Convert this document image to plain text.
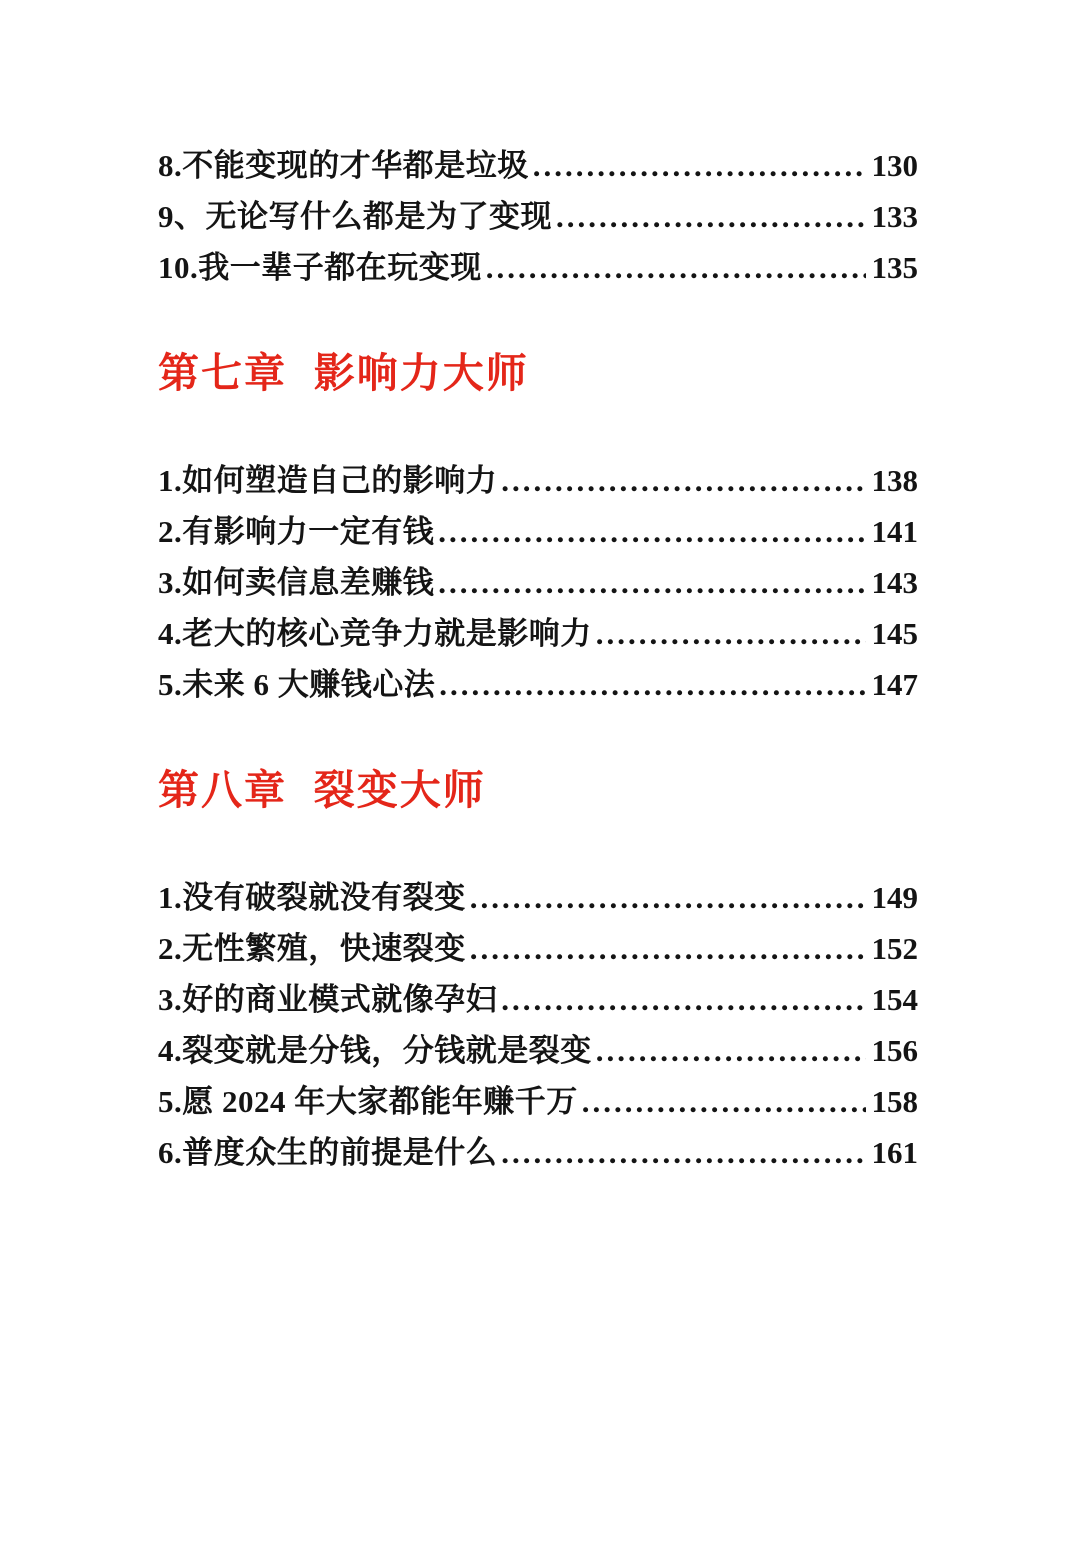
8.不能变现的才华都是垃圾 .....	130
9、无论写什么都是为了变现 .....	133
10.我一辈子都在玩变现 .....	135
第七章  影响力大师
1.如何塑造自己的影响力 .....	138
2.有影响力一定有钱 .....	141
3.如何卖信息差赚钱 .....	143
4.老大的核心竞争力就是影响力 .....	145
5.未来 6 大赚钱心法 .....	147
第八章  裂变大师
1.没有破裂就没有裂变 .....	149
2.无性繁殖，快速裂变 .....	152
3.好的商业模式就像孕妇 .....	154
4.裂变就是分钱，分钱就是裂变 .....	156
5.愿 2024 年大家都能年赚千万 .....	158
6.普度众生的前提是什么 .....	161
